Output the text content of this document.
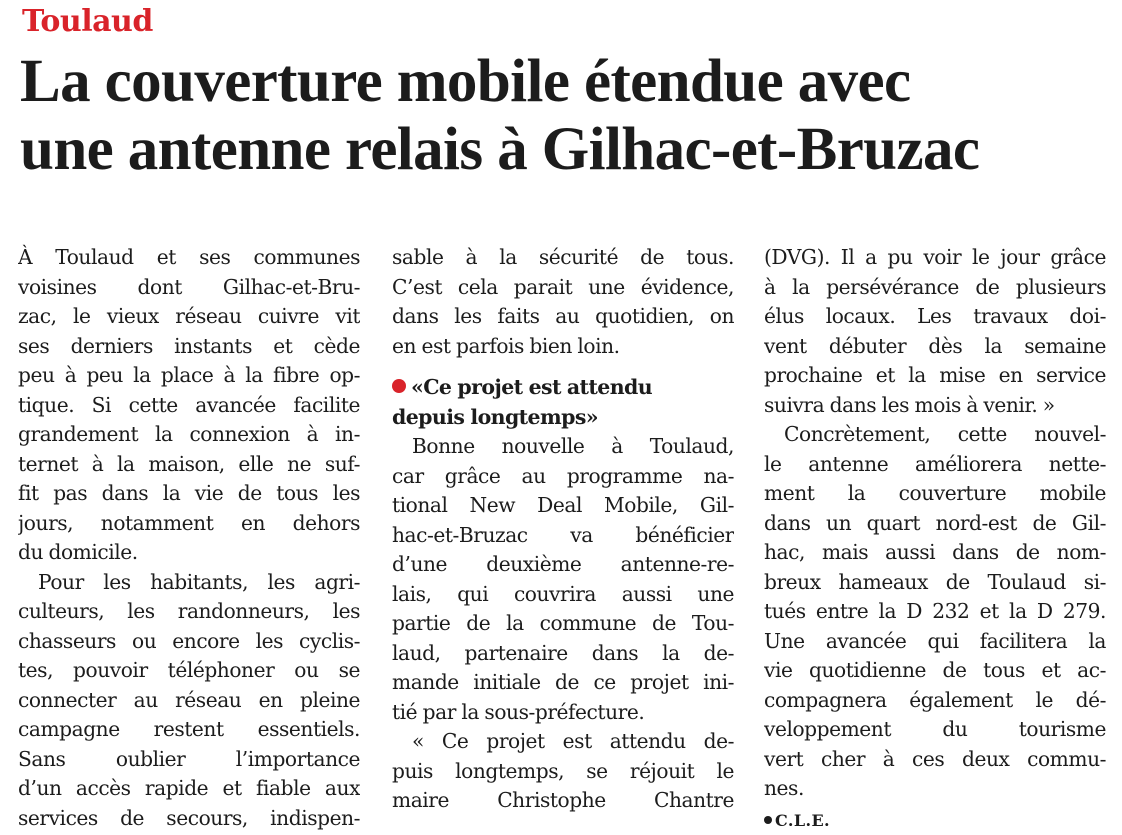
Toulaud
La couverture mobile étendue avec
une antenne relais à Gilhac-et-Bruzac
À Toulaud et ses communes
voisines dont Gilhac-et-Bru-
zac, le vieux réseau cuivre vit
ses derniers instants et cède
peu à peu la place à la fibre op-
tique. Si cette avancée facilite
grandement la connexion à in-
ternet à la maison, elle ne suf-
fit pas dans la vie de tous les
jours, notamment en dehors
du domicile.
Pour les habitants, les agri-
culteurs, les randonneurs, les
chasseurs ou encore les cyclis-
tes, pouvoir téléphoner ou se
connecter au réseau en pleine
campagne restent essentiels.
Sans oublier l’importance
d’un accès rapide et fiable aux
services de secours, indispen-
sable à la sécurité de tous.
C’est cela parait une évidence,
dans les faits au quotidien, on
en est parfois bien loin.
«Ce projet est attendu
depuis longtemps»
Bonne nouvelle à Toulaud,
car grâce au programme na-
tional New Deal Mobile, Gil-
hac-et-Bruzac va bénéficier
d’une deuxième antenne-re-
lais, qui couvrira aussi une
partie de la commune de Tou-
laud, partenaire dans la de-
mande initiale de ce projet ini-
tié par la sous-préfecture.
« Ce projet est attendu de-
puis longtemps, se réjouit le
maire Christophe Chantre
(DVG). Il a pu voir le jour grâce
à la persévérance de plusieurs
élus locaux. Les travaux doi-
vent débuter dès la semaine
prochaine et la mise en service
suivra dans les mois à venir. »
Concrètement, cette nouvel-
le antenne améliorera nette-
ment la couverture mobile
dans un quart nord-est de Gil-
hac, mais aussi dans de nom-
breux hameaux de Toulaud si-
tués entre la D 232 et la D 279.
Une avancée qui facilitera la
vie quotidienne de tous et ac-
compagnera également le dé-
veloppement du tourisme
vert cher à ces deux commu-
nes.
C.L.E.
